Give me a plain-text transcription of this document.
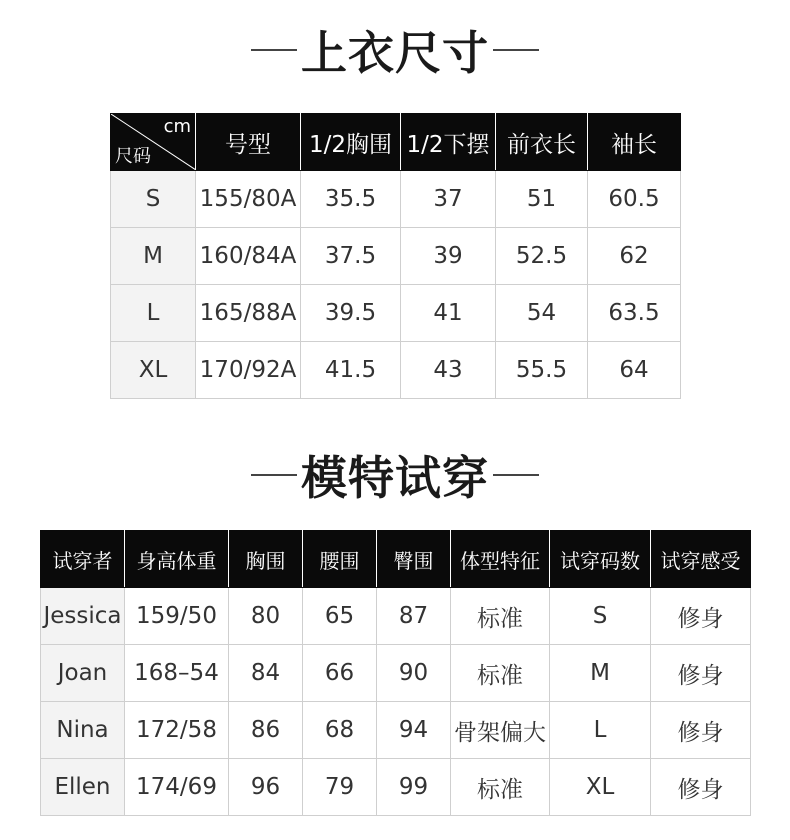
上衣尺寸
cm
尺码	号型	1/2胸围	1/2下摆	前衣长	袖长
S	155/80A	35.5	37	51	60.5
M	160/84A	37.5	39	52.5	62
L	165/88A	39.5	41	54	63.5
XL	170/92A	41.5	43	55.5	64
模特试穿
试穿者	身高体重	胸围	腰围	臀围	体型特征	试穿码数	试穿感受
Jessica	159/50	80	65	87	标准	S	修身
Joan	168–54	84	66	90	标准	M	修身
Nina	172/58	86	68	94	骨架偏大	L	修身
Ellen	174/69	96	79	99	标准	XL	修身
